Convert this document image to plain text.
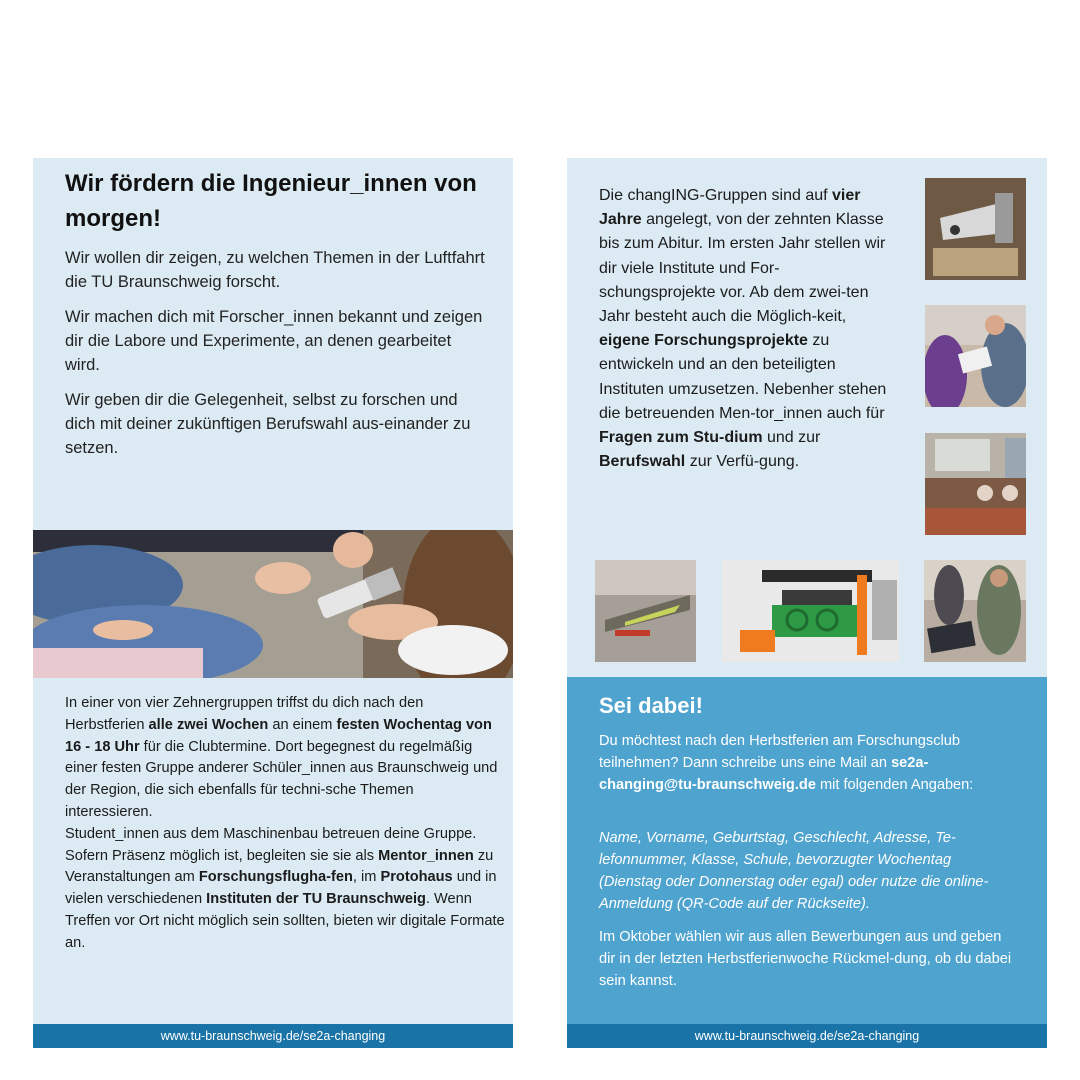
Wir fördern die Ingenieur_innen von morgen!

Wir wollen dir zeigen, zu welchen Themen in der Luftfahrt die TU Braunschweig forscht.

Wir machen dich mit Forscher_innen bekannt und zeigen dir die Labore und Experimente, an denen gearbeitet wird.

Wir geben dir die Gelegenheit, selbst zu forschen und dich mit deiner zukünftigen Berufswahl aus-einander zu setzen.

In einer von vier Zehnergruppen triffst du dich nach den Herbstferien alle zwei Wochen an einem festen Wochentag von 16 - 18 Uhr für die Clubtermine. Dort begegnest du regelmäßig einer festen Gruppe anderer Schüler_innen aus Braunschweig und der Region, die sich ebenfalls für techni-sche Themen interessieren.

Student_innen aus dem Maschinenbau betreuen deine Gruppe. Sofern Präsenz möglich ist, begleiten sie sie als Mentor_innen zu Veranstaltungen am Forschungsflugha-fen, im Protohaus und in vielen verschiedenen Instituten der TU Braunschweig. Wenn Treffen vor Ort nicht möglich sein sollten, bieten wir digitale Formate an.

www.tu-braunschweig.de/se2a-changing

Die changING-Gruppen sind auf vier Jahre angelegt, von der zehnten Klasse bis zum Abitur. Im ersten Jahr stellen wir dir viele Institute und For-schungsprojekte vor. Ab dem zwei-ten Jahr besteht auch die Möglich-keit, eigene Forschungsprojekte zu entwickeln und an den beteiligten Instituten umzusetzen. Nebenher stehen die betreuenden Men-tor_innen auch für Fragen zum Stu-dium und zur Berufswahl zur Verfü-gung.

Sei dabei!

Du möchtest nach den Herbstferien am Forschungsclub teilnehmen? Dann schreibe uns eine Mail an se2a-changing@tu-braunschweig.de mit folgenden Angaben:

Name, Vorname, Geburtstag, Geschlecht, Adresse, Te-lefonnummer, Klasse, Schule, bevorzugter Wochentag (Dienstag oder Donnerstag oder egal) oder nutze die online-Anmeldung (QR-Code auf der Rückseite).

Im Oktober wählen wir aus allen Bewerbungen aus und geben dir in der letzten Herbstferienwoche Rückmel-dung, ob du dabei sein kannst.

www.tu-braunschweig.de/se2a-changing
